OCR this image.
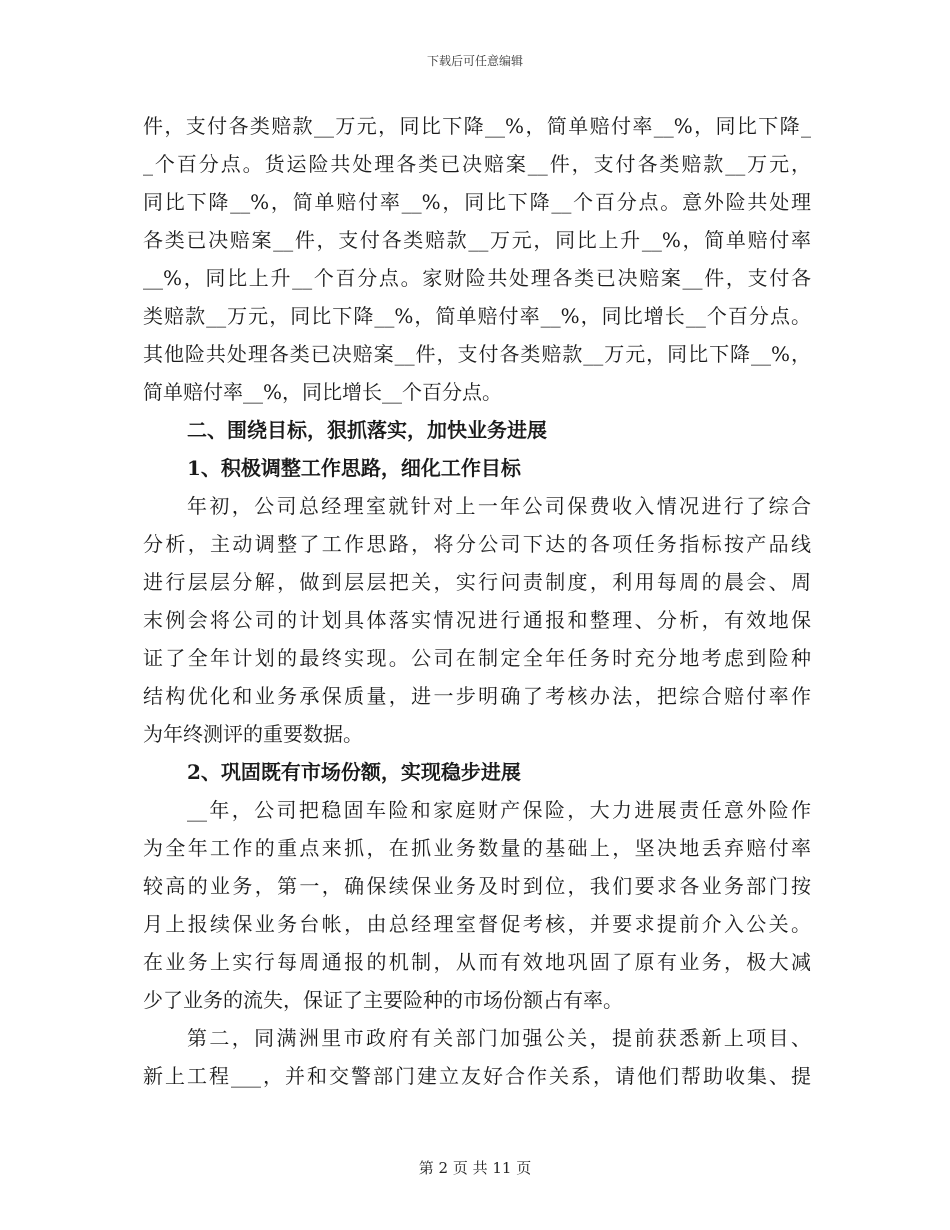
下载后可任意编辑
件，支付各类赔款__万元，同比下降__%，简单赔付率__%，同比下降_
_个百分点。货运险共处理各类已决赔案__件，支付各类赔款__万元，
同比下降__%，简单赔付率__%，同比下降__个百分点。意外险共处理
各类已决赔案__件，支付各类赔款__万元，同比上升__%，简单赔付率
__%，同比上升__个百分点。家财险共处理各类已决赔案__件，支付各
类赔款__万元，同比下降__%，简单赔付率__%，同比增长__个百分点。
其他险共处理各类已决赔案__件，支付各类赔款__万元，同比下降__%，
简单赔付率__%，同比增长__个百分点。
二、围绕目标，狠抓落实，加快业务进展
1、积极调整工作思路，细化工作目标
年初，公司总经理室就针对上一年公司保费收入情况进行了综合
分析，主动调整了工作思路，将分公司下达的各项任务指标按产品线
进行层层分解，做到层层把关，实行问责制度，利用每周的晨会、周
末例会将公司的计划具体落实情况进行通报和整理、分析，有效地保
证了全年计划的最终实现。公司在制定全年任务时充分地考虑到险种
结构优化和业务承保质量，进一步明确了考核办法，把综合赔付率作
为年终测评的重要数据。
2、巩固既有市场份额，实现稳步进展
__年，公司把稳固车险和家庭财产保险，大力进展责任意外险作
为全年工作的重点来抓，在抓业务数量的基础上，坚决地丢弃赔付率
较高的业务，第一，确保续保业务及时到位，我们要求各业务部门按
月上报续保业务台帐，由总经理室督促考核，并要求提前介入公关。
在业务上实行每周通报的机制，从而有效地巩固了原有业务，极大减
少了业务的流失，保证了主要险种的市场份额占有率。
第二，同满洲里市政府有关部门加强公关，提前获悉新上项目、
新上工程___，并和交警部门建立友好合作关系，请他们帮助收集、提
第 2 页 共 11 页
